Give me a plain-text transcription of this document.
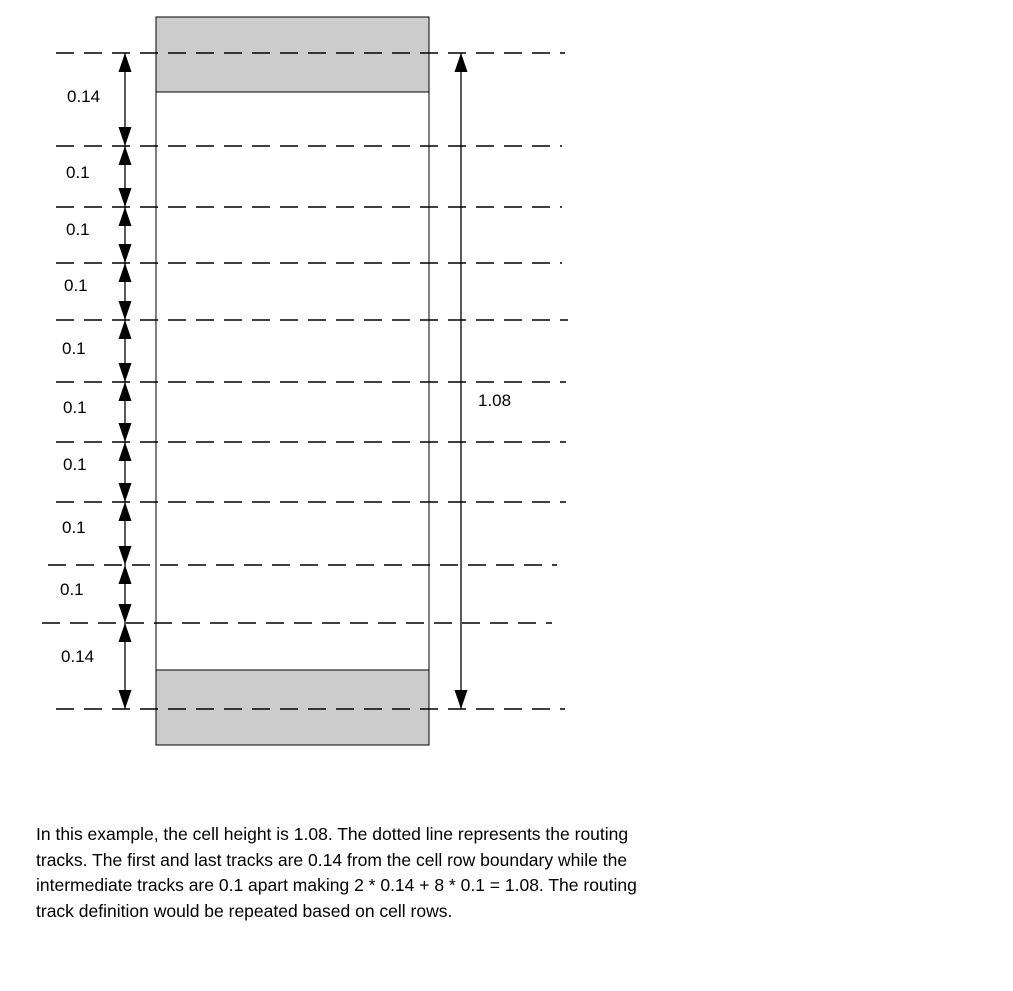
0.14
0.1
0.1
0.1
0.1
0.1
0.1
0.1
0.1
0.14
1.08
In this example, the cell height is 1.08. The dotted line represents the routing
tracks. The first and last tracks are 0.14 from the cell row boundary while the
intermediate tracks are 0.1 apart making 2 * 0.14 + 8 * 0.1 = 1.08. The routing
track definition would be repeated based on cell rows.
